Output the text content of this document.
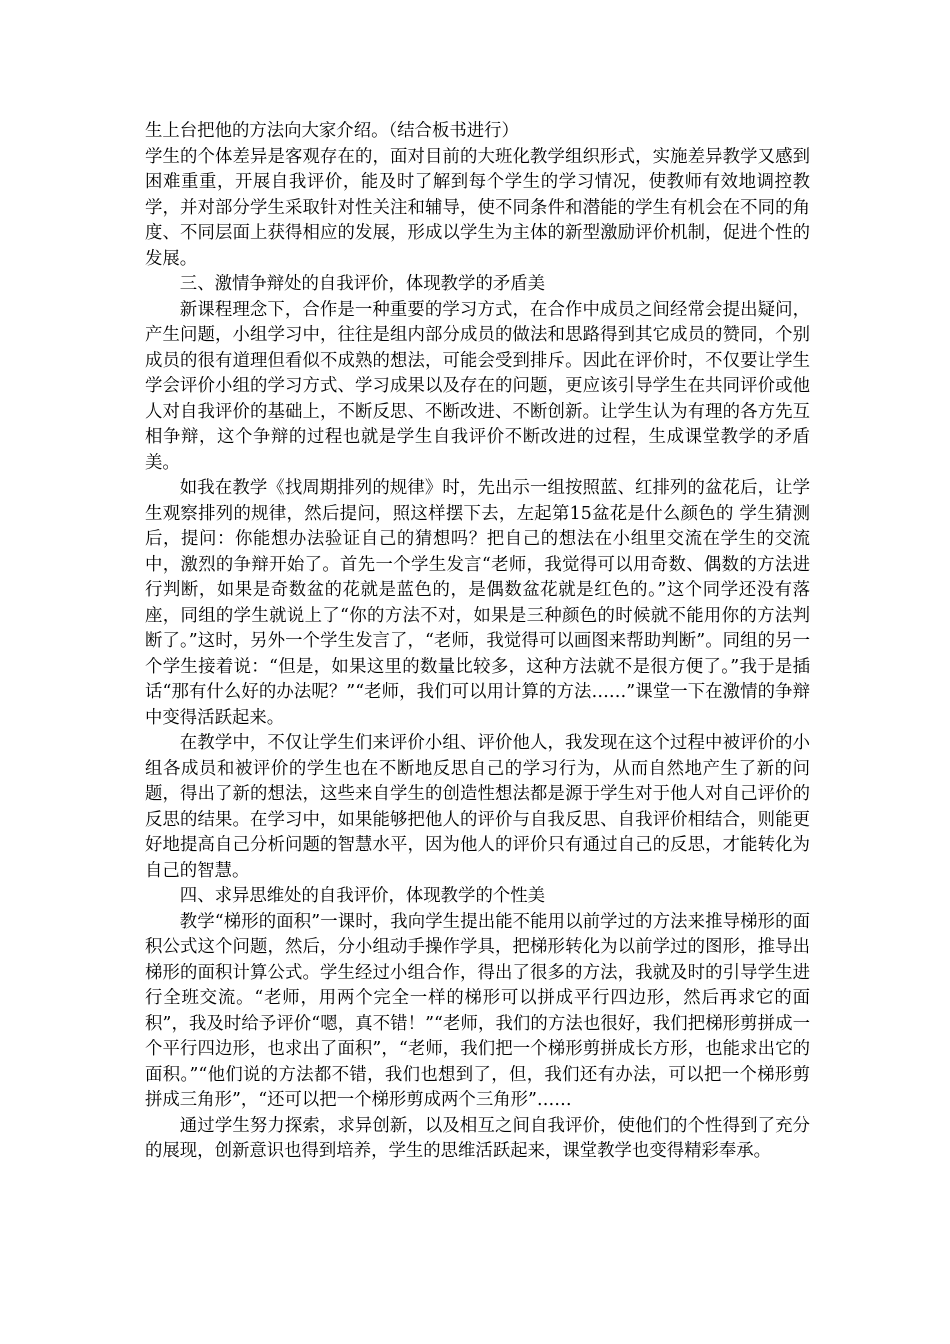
生上台把他的方法向大家介绍。（结合板书进行）

学生的个体差异是客观存在的，面对目前的大班化教学组织形式，实施差异教学又感到困难重重，开展自我评价，能及时了解到每个学生的学习情况，使教师有效地调控教学，并对部分学生采取针对性关注和辅导，使不同条件和潜能的学生有机会在不同的角度、不同层面上获得相应的发展，形成以学生为主体的新型激励评价机制，促进个性的发展。

三、激情争辩处的自我评价，体现教学的矛盾美

新课程理念下，合作是一种重要的学习方式，在合作中成员之间经常会提出疑问，产生问题，小组学习中，往往是组内部分成员的做法和思路得到其它成员的赞同，个别成员的很有道理但看似不成熟的想法，可能会受到排斥。因此在评价时，不仅要让学生学会评价小组的学习方式、学习成果以及存在的问题，更应该引导学生在共同评价或他人对自我评价的基础上，不断反思、不断改进、不断创新。让学生认为有理的各方先互相争辩，这个争辩的过程也就是学生自我评价不断改进的过程，生成课堂教学的矛盾美。

如我在教学《找周期排列的规律》时，先出示一组按照蓝、红排列的盆花后，让学生观察排列的规律，然后提问，照这样摆下去，左起第15盆花是什么颜色的 学生猜测后，提问：你能想办法验证自己的猜想吗？把自己的想法在小组里交流在学生的交流中，激烈的争辩开始了。首先一个学生发言“老师，我觉得可以用奇数、偶数的方法进行判断，如果是奇数盆的花就是蓝色的，是偶数盆花就是红色的。”这个同学还没有落座，同组的学生就说上了“你的方法不对，如果是三种颜色的时候就不能用你的方法判断了。”这时，另外一个学生发言了，“老师，我觉得可以画图来帮助判断”。同组的另一个学生接着说：“但是，如果这里的数量比较多，这种方法就不是很方便了。”我于是插话“那有什么好的办法呢？”“老师，我们可以用计算的方法……”课堂一下在激情的争辩中变得活跃起来。

在教学中，不仅让学生们来评价小组、评价他人，我发现在这个过程中被评价的小组各成员和被评价的学生也在不断地反思自己的学习行为，从而自然地产生了新的问题，得出了新的想法，这些来自学生的创造性想法都是源于学生对于他人对自己评价的反思的结果。在学习中，如果能够把他人的评价与自我反思、自我评价相结合，则能更好地提高自己分析问题的智慧水平，因为他人的评价只有通过自己的反思，才能转化为自己的智慧。

四、求异思维处的自我评价，体现教学的个性美

教学“梯形的面积”一课时，我向学生提出能不能用以前学过的方法来推导梯形的面积公式这个问题，然后，分小组动手操作学具，把梯形转化为以前学过的图形，推导出梯形的面积计算公式。学生经过小组合作，得出了很多的方法，我就及时的引导学生进行全班交流。“老师，用两个完全一样的梯形可以拼成平行四边形，然后再求它的面积”，我及时给予评价“嗯，真不错！”“老师，我们的方法也很好，我们把梯形剪拼成一个平行四边形，也求出了面积”，“老师，我们把一个梯形剪拼成长方形，也能求出它的面积。”“他们说的方法都不错，我们也想到了，但，我们还有办法，可以把一个梯形剪拼成三角形”，“还可以把一个梯形剪成两个三角形”……

通过学生努力探索，求异创新，以及相互之间自我评价，使他们的个性得到了充分的展现，创新意识也得到培养，学生的思维活跃起来，课堂教学也变得精彩奉承。
